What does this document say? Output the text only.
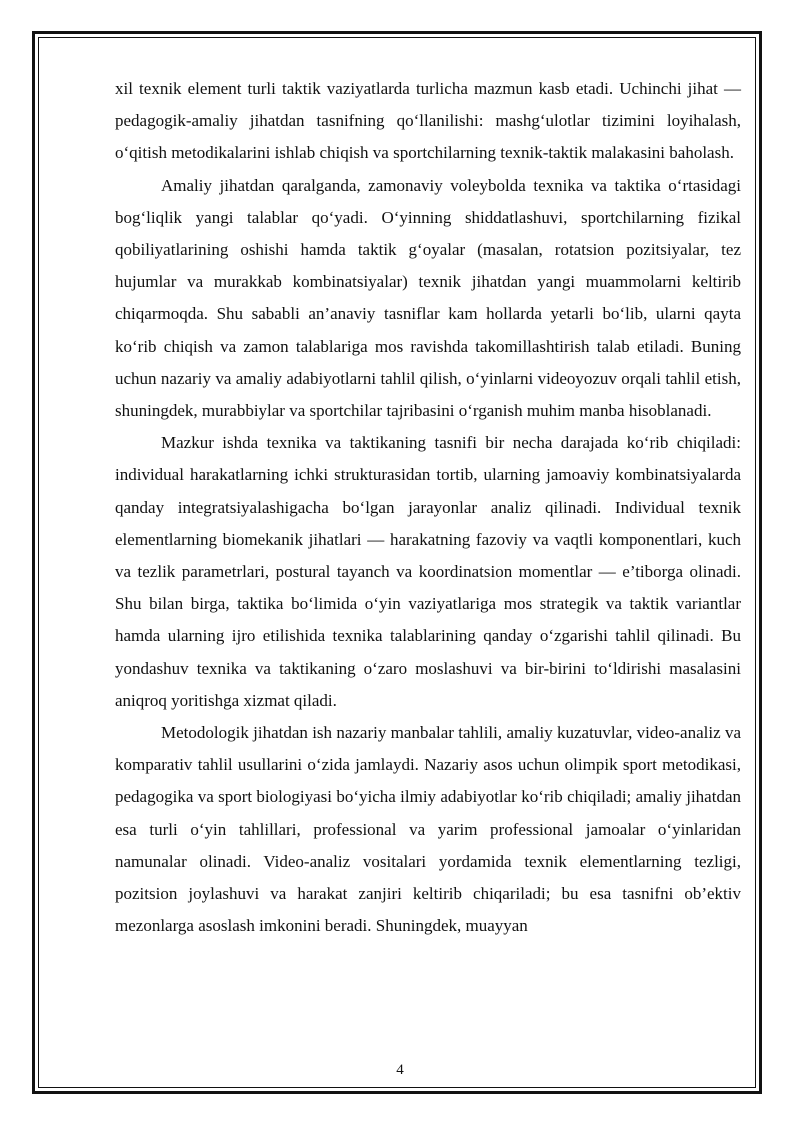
xil texnik element turli taktik vaziyatlarda turlicha mazmun kasb etadi. Uchinchi jihat — pedagogik-amaliy jihatdan tasnifning qo‘llanilishi: mashg‘ulotlar tizimini loyihalash, o‘qitish metodikalarini ishlab chiqish va sportchilarning texnik-taktik malakasini baholash.

Amaliy jihatdan qaralganda, zamonaviy voleybolda texnika va taktika o‘rtasidagi bog‘liqlik yangi talablar qo‘yadi. O‘yinning shiddatlashuvi, sportchilarning fizikal qobiliyatlarining oshishi hamda taktik g‘oyalar (masalan, rotatsion pozitsiyalar, tez hujumlar va murakkab kombinatsiyalar) texnik jihatdan yangi muammolarni keltirib chiqarmoqda. Shu sababli an’anaviy tasniflar kam hollarda yetarli bo‘lib, ularni qayta ko‘rib chiqish va zamon talablariga mos ravishda takomillashtirish talab etiladi. Buning uchun nazariy va amaliy adabiyotlarni tahlil qilish, o‘yinlarni videoyozuv orqali tahlil etish, shuningdek, murabbiylar va sportchilar tajribasini o‘rganish muhim manba hisoblanadi.

Mazkur ishda texnika va taktikaning tasnifi bir necha darajada ko‘rib chiqiladi: individual harakatlarning ichki strukturasidan tortib, ularning jamoaviy kombinatsiyalarda qanday integratsiyalashigacha bo‘lgan jarayonlar analiz qilinadi. Individual texnik elementlarning biomekanik jihatlari — harakatning fazoviy va vaqtli komponentlari, kuch va tezlik parametrlari, postural tayanch va koordinatsion momentlar — e’tiborga olinadi. Shu bilan birga, taktika bo‘limida o‘yin vaziyatlariga mos strategik va taktik variantlar hamda ularning ijro etilishida texnika talablarining qanday o‘zgarishi tahlil qilinadi. Bu yondashuv texnika va taktikaning o‘zaro moslashuvi va bir-birini to‘ldirishi masalasini aniqroq yoritishga xizmat qiladi.

Metodologik jihatdan ish nazariy manbalar tahlili, amaliy kuzatuvlar, video-analiz va komparativ tahlil usullarini o‘zida jamlaydi. Nazariy asos uchun olimpik sport metodikasi, pedagogika va sport biologiyasi bo‘yicha ilmiy adabiyotlar ko‘rib chiqiladi; amaliy jihatdan esa turli o‘yin tahlillari, professional va yarim professional jamoalar o‘yinlaridan namunalar olinadi. Video-analiz vositalari yordamida texnik elementlarning tezligi, pozitsion joylashuvi va harakat zanjiri keltirib chiqariladi; bu esa tasnifni ob’ektiv mezonlarga asoslash imkonini beradi. Shuningdek, muayyan

4
